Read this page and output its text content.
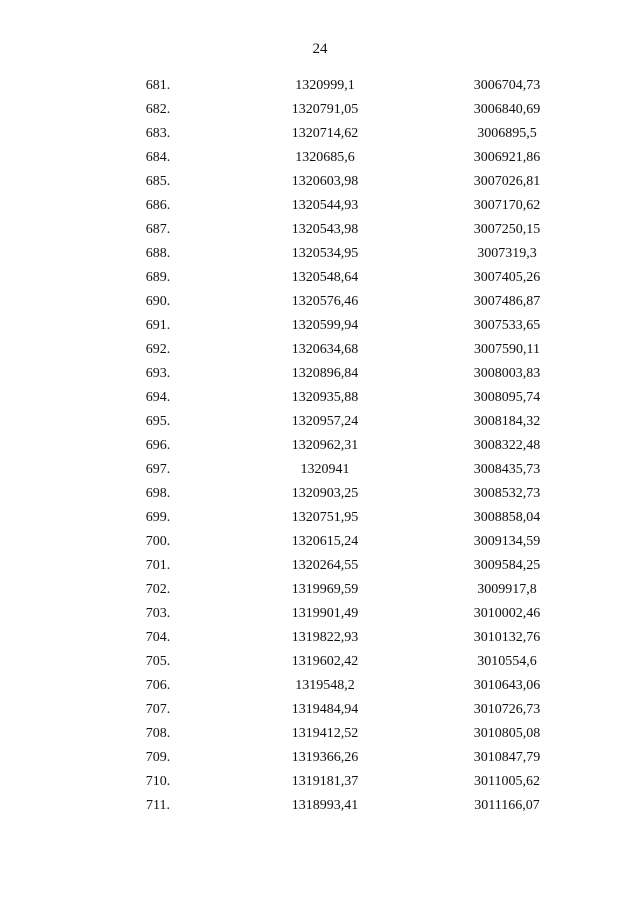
24
681.	1320999,1	3006704,73
682.	1320791,05	3006840,69
683.	1320714,62	3006895,5
684.	1320685,6	3006921,86
685.	1320603,98	3007026,81
686.	1320544,93	3007170,62
687.	1320543,98	3007250,15
688.	1320534,95	3007319,3
689.	1320548,64	3007405,26
690.	1320576,46	3007486,87
691.	1320599,94	3007533,65
692.	1320634,68	3007590,11
693.	1320896,84	3008003,83
694.	1320935,88	3008095,74
695.	1320957,24	3008184,32
696.	1320962,31	3008322,48
697.	1320941	3008435,73
698.	1320903,25	3008532,73
699.	1320751,95	3008858,04
700.	1320615,24	3009134,59
701.	1320264,55	3009584,25
702.	1319969,59	3009917,8
703.	1319901,49	3010002,46
704.	1319822,93	3010132,76
705.	1319602,42	3010554,6
706.	1319548,2	3010643,06
707.	1319484,94	3010726,73
708.	1319412,52	3010805,08
709.	1319366,26	3010847,79
710.	1319181,37	3011005,62
711.	1318993,41	3011166,07
